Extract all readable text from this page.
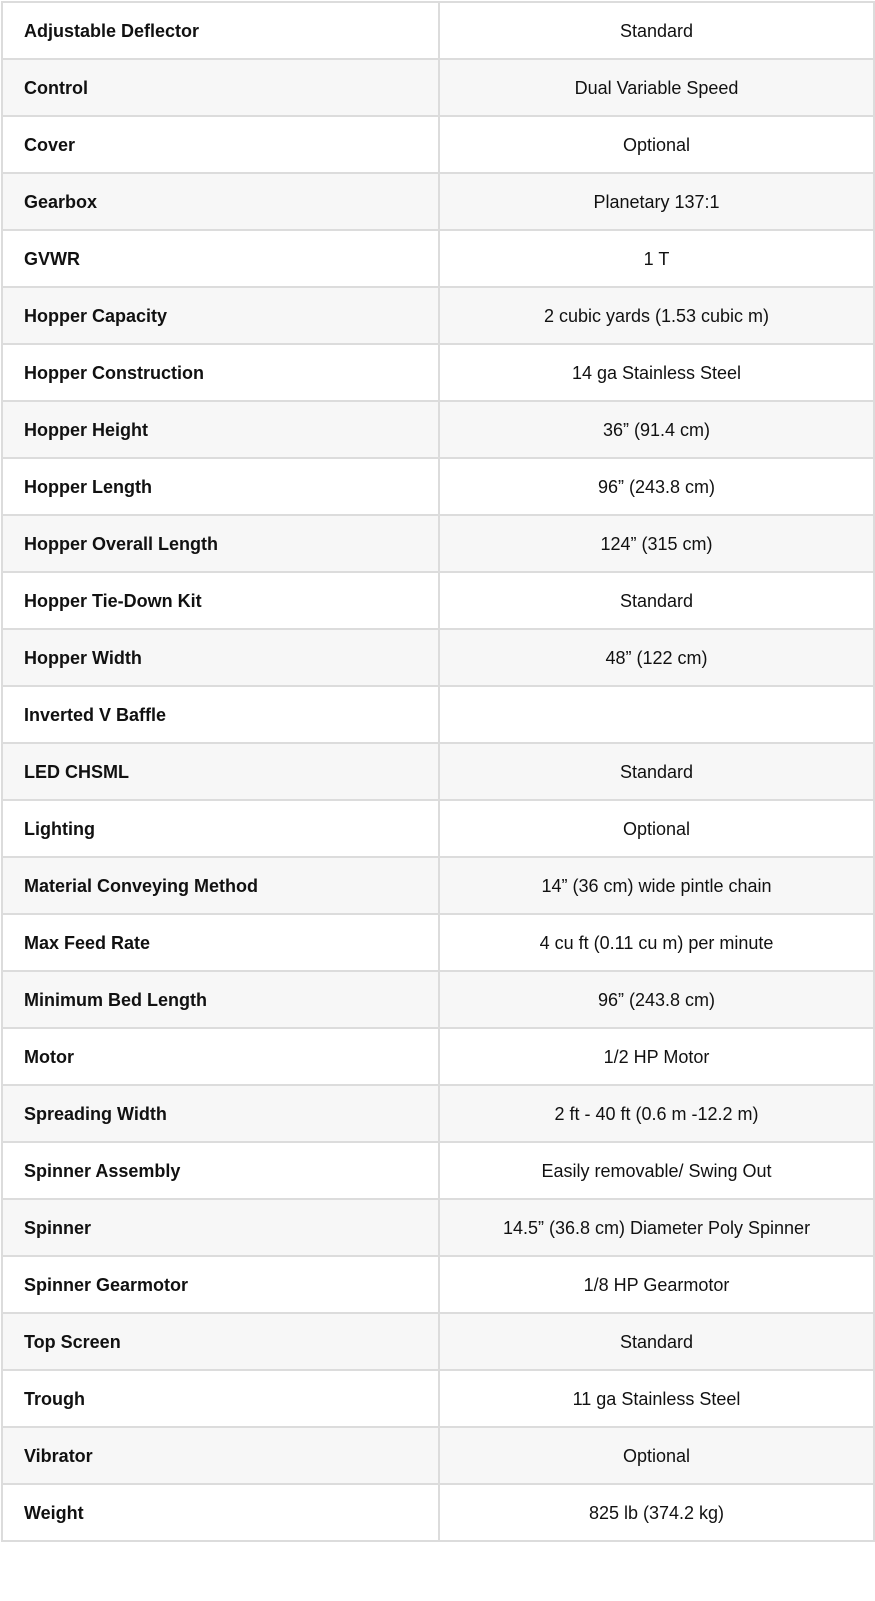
Adjustable Deflector	Standard
Control	Dual Variable Speed
Cover	Optional
Gearbox	Planetary 137:1
GVWR	1 T
Hopper Capacity	2 cubic yards (1.53 cubic m)
Hopper Construction	14 ga Stainless Steel
Hopper Height	36” (91.4 cm)
Hopper Length	96” (243.8 cm)
Hopper Overall Length	124” (315 cm)
Hopper Tie-Down Kit	Standard
Hopper Width	48” (122 cm)
Inverted V Baffle	
LED CHSML	Standard
Lighting	Optional
Material Conveying Method	14” (36 cm) wide pintle chain
Max Feed Rate	4 cu ft (0.11 cu m) per minute
Minimum Bed Length	96” (243.8 cm)
Motor	1/2 HP Motor
Spreading Width	2 ft - 40 ft (0.6 m -12.2 m)
Spinner Assembly	Easily removable/ Swing Out
Spinner	14.5” (36.8 cm) Diameter Poly Spinner
Spinner Gearmotor	1/8 HP Gearmotor
Top Screen	Standard
Trough	11 ga Stainless Steel
Vibrator	Optional
Weight	825 lb (374.2 kg)
